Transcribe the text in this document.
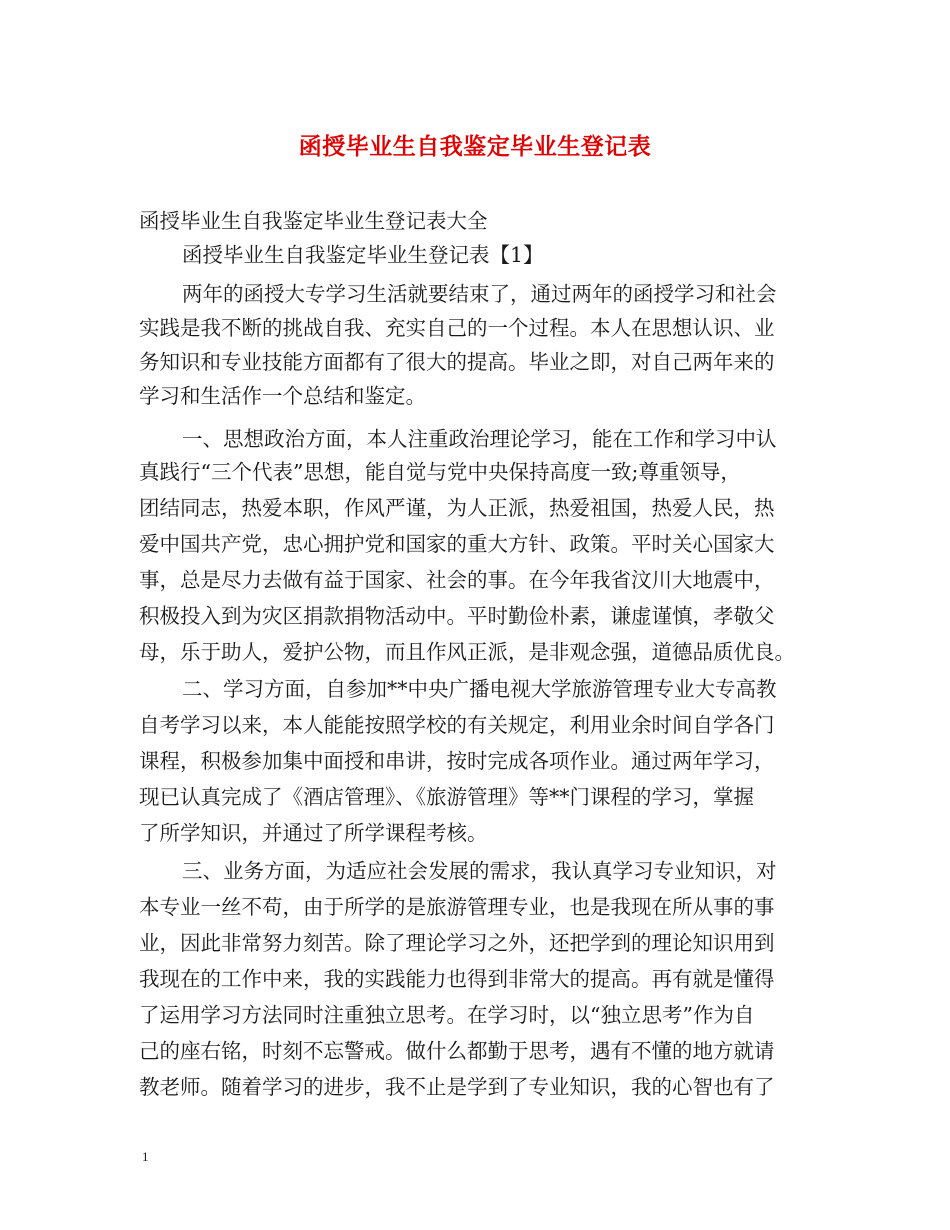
函授毕业生自我鉴定毕业生登记表
函授毕业生自我鉴定毕业生登记表大全
函授毕业生自我鉴定毕业生登记表【1】
两年的函授大专学习生活就要结束了，通过两年的函授学习和社会
实践是我不断的挑战自我、充实自己的一个过程。本人在思想认识、业
务知识和专业技能方面都有了很大的提高。毕业之即，对自己两年来的
学习和生活作一个总结和鉴定。
一、思想政治方面，本人注重政治理论学习，能在工作和学习中认
真践行“三个代表”思想，能自觉与党中央保持高度一致;尊重领导，
团结同志，热爱本职，作风严谨，为人正派，热爱祖国，热爱人民，热
爱中国共产党，忠心拥护党和国家的重大方针、政策。平时关心国家大
事，总是尽力去做有益于国家、社会的事。在今年我省汶川大地震中，
积极投入到为灾区捐款捐物活动中。平时勤俭朴素，谦虚谨慎，孝敬父
母，乐于助人，爱护公物，而且作风正派，是非观念强，道德品质优良。
二、学习方面，自参加**中央广播电视大学旅游管理专业大专高教
自考学习以来，本人能能按照学校的有关规定，利用业余时间自学各门
课程，积极参加集中面授和串讲，按时完成各项作业。通过两年学习，
现已认真完成了《酒店管理》、《旅游管理》等**门课程的学习，掌握
了所学知识，并通过了所学课程考核。
三、业务方面，为适应社会发展的需求，我认真学习专业知识，对
本专业一丝不苟，由于所学的是旅游管理专业，也是我现在所从事的事
业，因此非常努力刻苦。除了理论学习之外，还把学到的理论知识用到
我现在的工作中来，我的实践能力也得到非常大的提高。再有就是懂得
了运用学习方法同时注重独立思考。在学习时，以“独立思考”作为自
己的座右铭，时刻不忘警戒。做什么都勤于思考，遇有不懂的地方就请
教老师。随着学习的进步，我不止是学到了专业知识，我的心智也有了
1
